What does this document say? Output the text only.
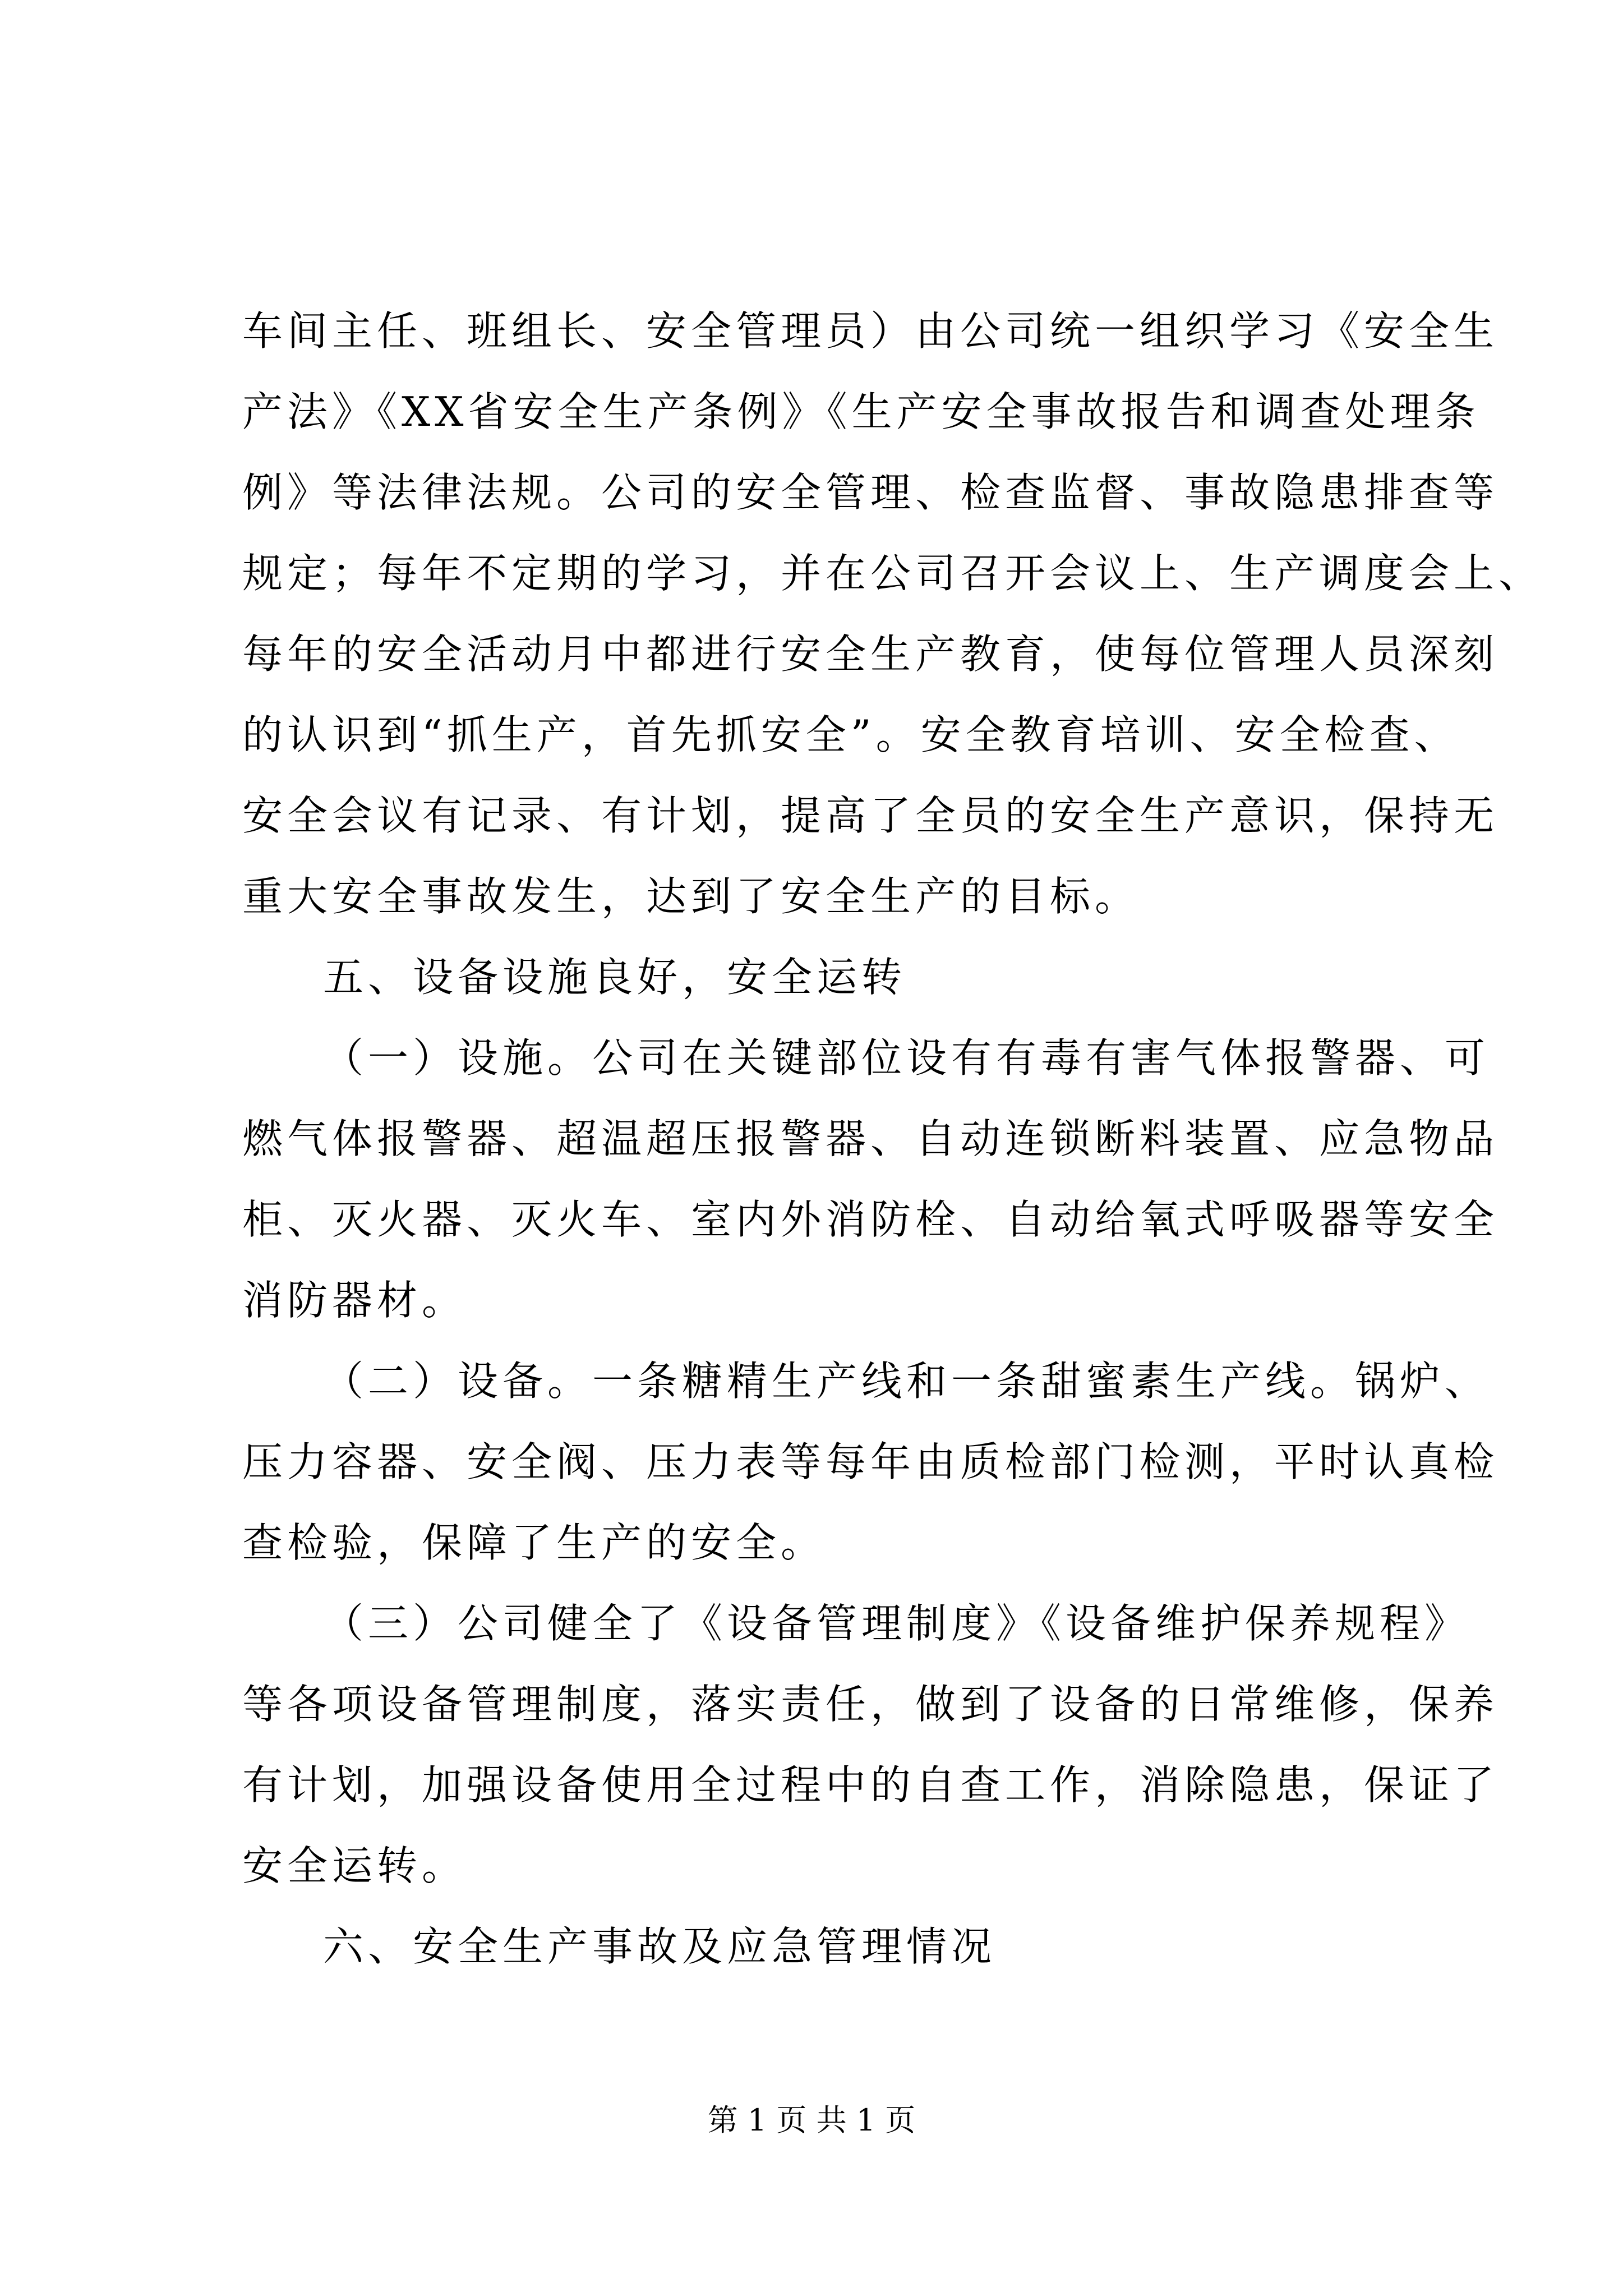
车间主任、班组长、安全管理员）由公司统一组织学习《安全生
产法》《XX省安全生产条例》《生产安全事故报告和调查处理条
例》等法律法规。公司的安全管理、检查监督、事故隐患排查等
规定；每年不定期的学习，并在公司召开会议上、生产调度会上、
每年的安全活动月中都进行安全生产教育，使每位管理人员深刻
的认识到“抓生产，首先抓安全”。安全教育培训、安全检查、
安全会议有记录、有计划，提高了全员的安全生产意识，保持无
重大安全事故发生，达到了安全生产的目标。
五、设备设施良好，安全运转
（一）设施。公司在关键部位设有有毒有害气体报警器、可
燃气体报警器、超温超压报警器、自动连锁断料装置、应急物品
柜、灭火器、灭火车、室内外消防栓、自动给氧式呼吸器等安全
消防器材。
（二）设备。一条糖精生产线和一条甜蜜素生产线。锅炉、
压力容器、安全阀、压力表等每年由质检部门检测，平时认真检
查检验，保障了生产的安全。
（三）公司健全了《设备管理制度》《设备维护保养规程》
等各项设备管理制度，落实责任，做到了设备的日常维修，保养
有计划，加强设备使用全过程中的自查工作，消除隐患，保证了
安全运转。
六、安全生产事故及应急管理情况
第 1 页 共 1 页
